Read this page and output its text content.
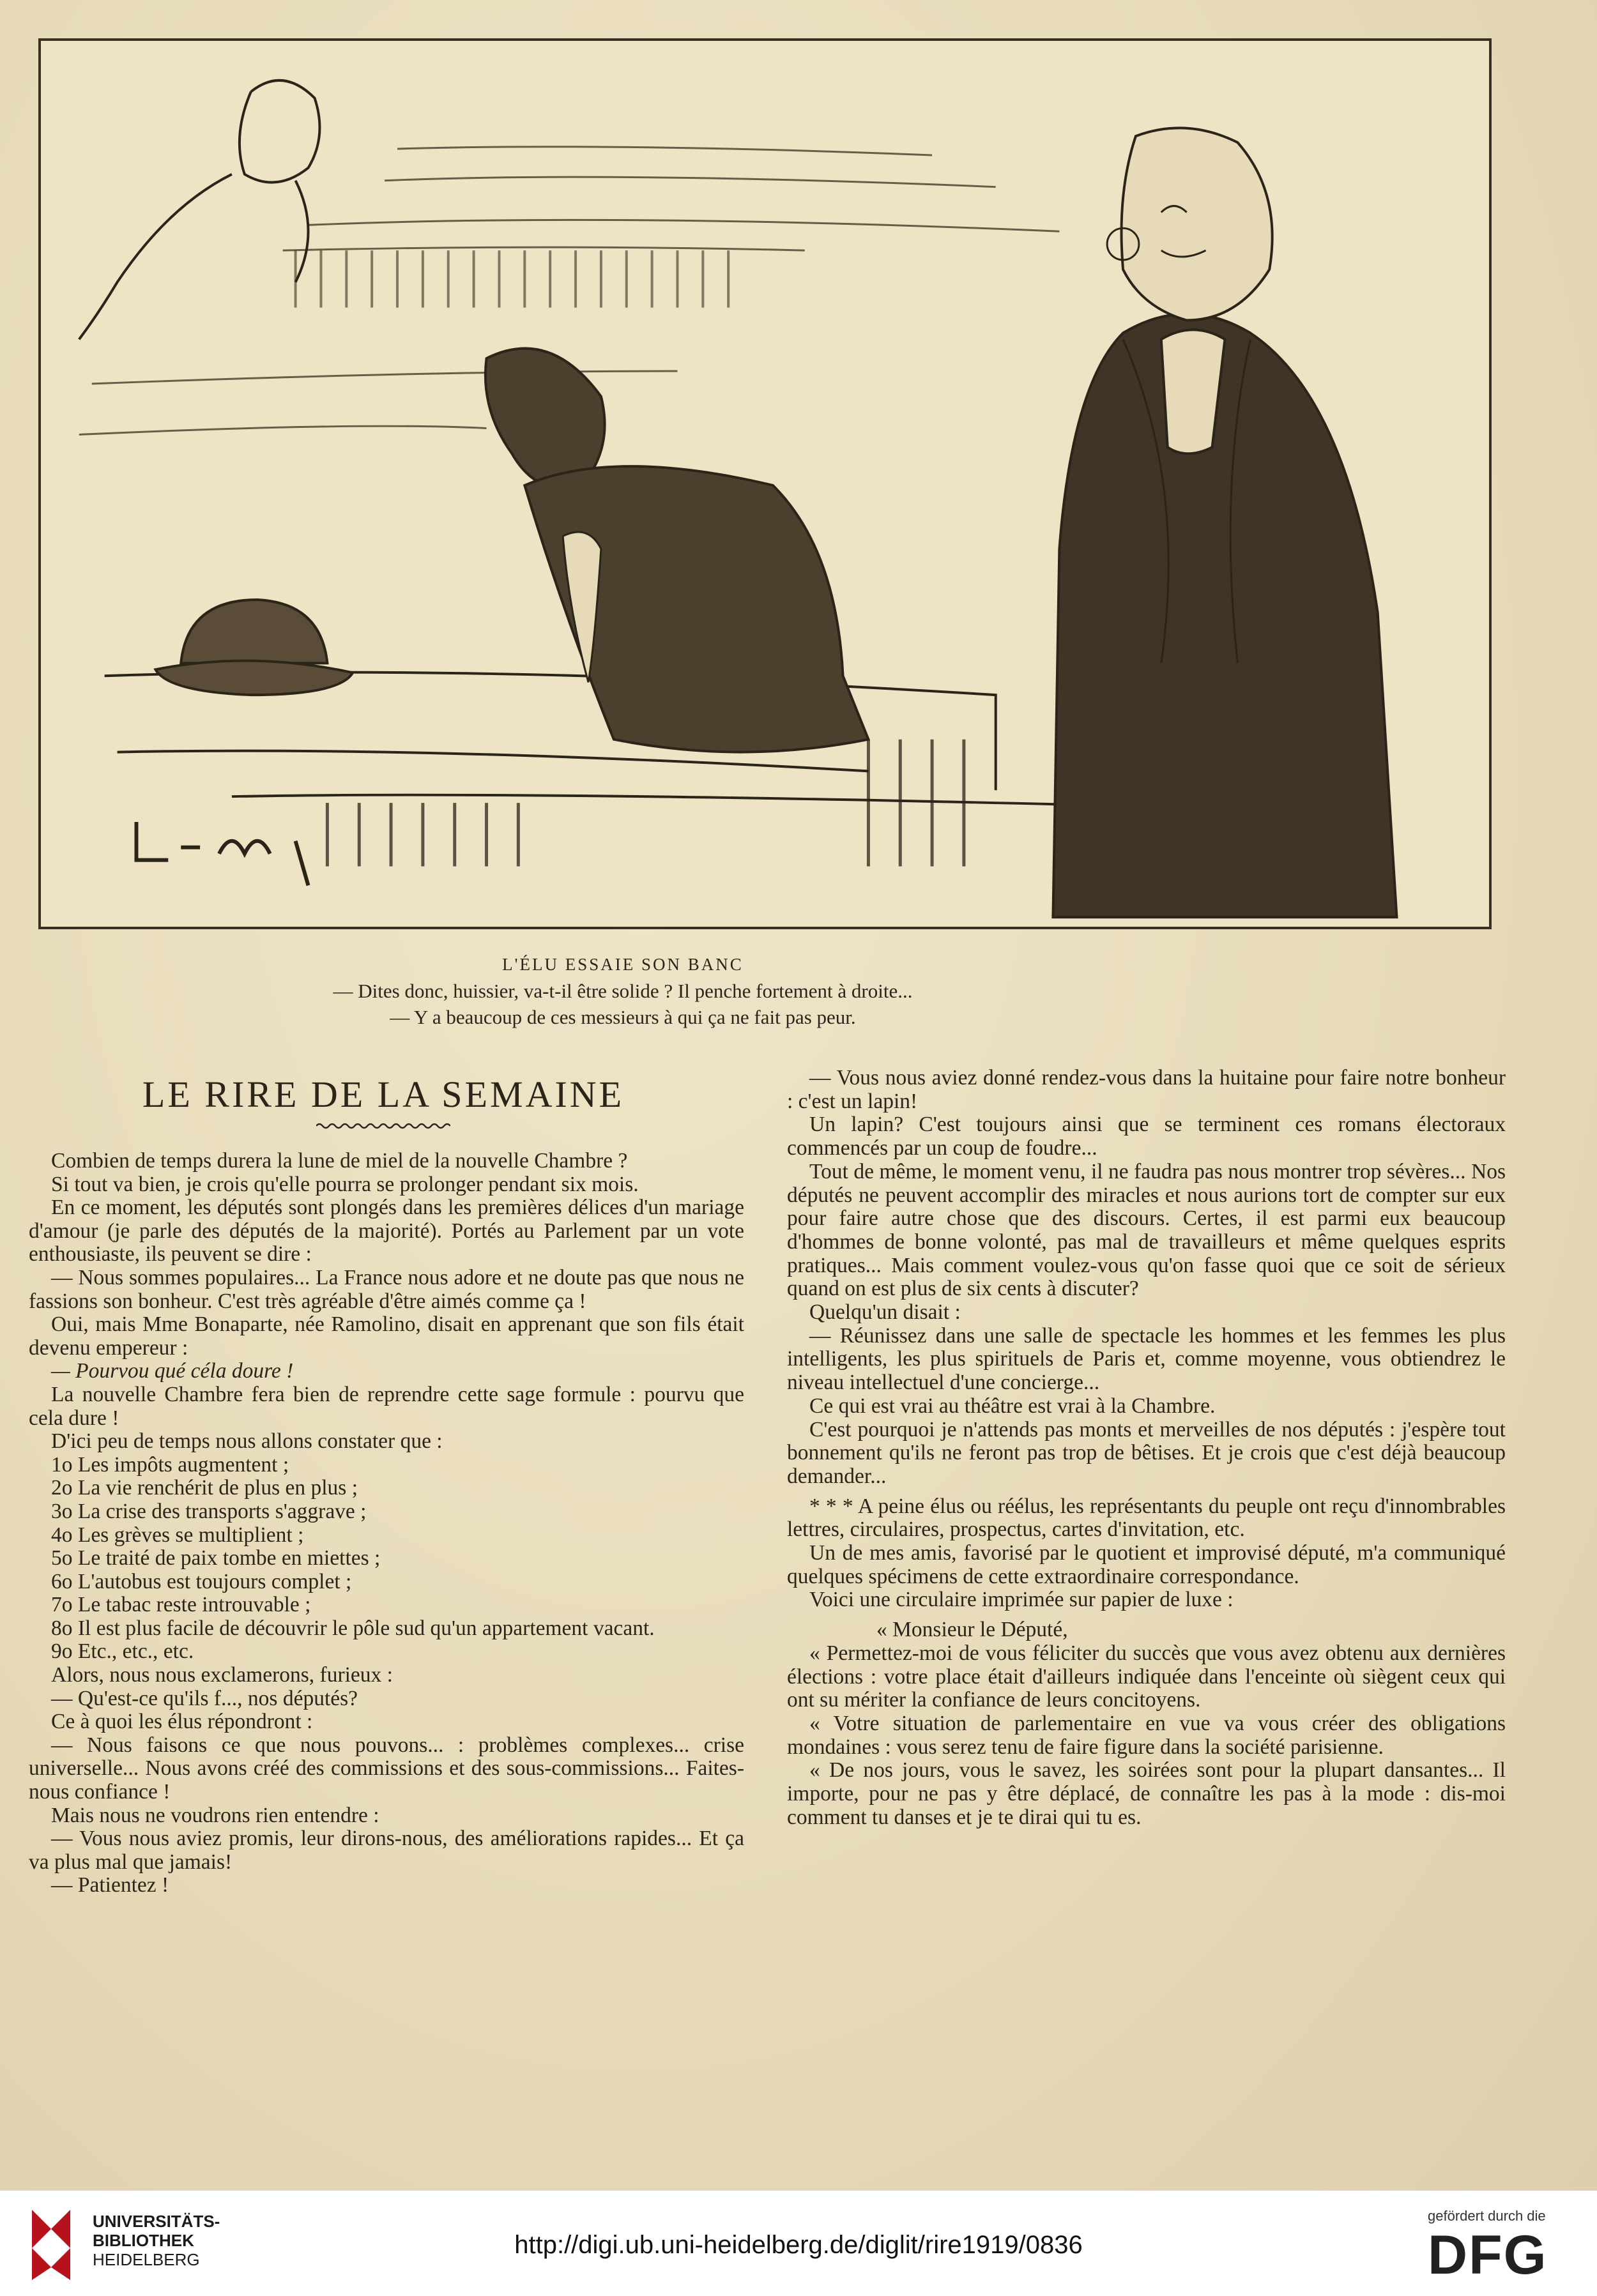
L'ÉLU ESSAIE SON BANC
— Dites donc, huissier, va-t-il être solide ? Il penche fortement à droite...
— Y a beaucoup de ces messieurs à qui ça ne fait pas peur.
LE RIRE DE LA SEMAINE

Combien de temps durera la lune de miel de la nouvelle Chambre ?

Si tout va bien, je crois qu'elle pourra se prolonger pendant six mois.

En ce moment, les députés sont plongés dans les premières délices d'un mariage d'amour (je parle des députés de la majorité). Portés au Parlement par un vote enthousiaste, ils peuvent se dire :

— Nous sommes populaires... La France nous adore et ne doute pas que nous ne fassions son bonheur. C'est très agréable d'être aimés comme ça !

Oui, mais Mme Bonaparte, née Ramolino, disait en apprenant que son fils était devenu empereur :

— Pourvou qué céla doure !

La nouvelle Chambre fera bien de reprendre cette sage formule : pourvu que cela dure !

D'ici peu de temps nous allons constater que :

1o Les impôts augmentent ;

2o La vie renchérit de plus en plus ;

3o La crise des transports s'aggrave ;

4o Les grèves se multiplient ;

5o Le traité de paix tombe en miettes ;

6o L'autobus est toujours complet ;

7o Le tabac reste introuvable ;

8o Il est plus facile de découvrir le pôle sud qu'un appartement vacant.

9o Etc., etc., etc.

Alors, nous nous exclamerons, furieux :

— Qu'est-ce qu'ils f..., nos députés?

Ce à quoi les élus répondront :

— Nous faisons ce que nous pouvons... : problèmes complexes... crise universelle... Nous avons créé des commissions et des sous-commissions... Faites-nous confiance !

Mais nous ne voudrons rien entendre :

— Vous nous aviez promis, leur dirons-nous, des améliorations rapides... Et ça va plus mal que jamais!

— Patientez !

— Vous nous aviez donné rendez-vous dans la huitaine pour faire notre bonheur : c'est un lapin!

Un lapin? C'est toujours ainsi que se terminent ces romans électoraux commencés par un coup de foudre...

Tout de même, le moment venu, il ne faudra pas nous montrer trop sévères... Nos députés ne peuvent accomplir des miracles et nous aurions tort de compter sur eux pour faire autre chose que des discours. Certes, il est parmi eux beaucoup d'hommes de bonne volonté, pas mal de travailleurs et même quelques esprits pratiques... Mais comment voulez-vous qu'on fasse quoi que ce soit de sérieux quand on est plus de six cents à discuter?

Quelqu'un disait :

— Réunissez dans une salle de spectacle les hommes et les femmes les plus intelligents, les plus spirituels de Paris et, comme moyenne, vous obtiendrez le niveau intellectuel d'une concierge...

Ce qui est vrai au théâtre est vrai à la Chambre.

C'est pourquoi je n'attends pas monts et merveilles de nos députés : j'espère tout bonnement qu'ils ne feront pas trop de bêtises. Et je crois que c'est déjà beaucoup demander...

* * * A peine élus ou réélus, les représentants du peuple ont reçu d'innombrables lettres, circulaires, prospectus, cartes d'invitation, etc.

Un de mes amis, favorisé par le quotient et improvisé député, m'a communiqué quelques spécimens de cette extraordinaire correspondance.

Voici une circulaire imprimée sur papier de luxe :

« Monsieur le Député,

« Permettez-moi de vous féliciter du succès que vous avez obtenu aux dernières élections : votre place était d'ailleurs indiquée dans l'enceinte où siègent ceux qui ont su mériter la confiance de leurs concitoyens.

« Votre situation de parlementaire en vue va vous créer des obligations mondaines : vous serez tenu de faire figure dans la société parisienne.

« De nos jours, vous le savez, les soirées sont pour la plupart dansantes... Il importe, pour ne pas y être déplacé, de connaître les pas à la mode : dis-moi comment tu danses et je te dirai qui tu es.

UNIVERSITÄTS-
BIBLIOTHEK
HEIDELBERG
http://digi.ub.uni-heidelberg.de/diglit/rire1919/0836
gefördert durch die
DFG
